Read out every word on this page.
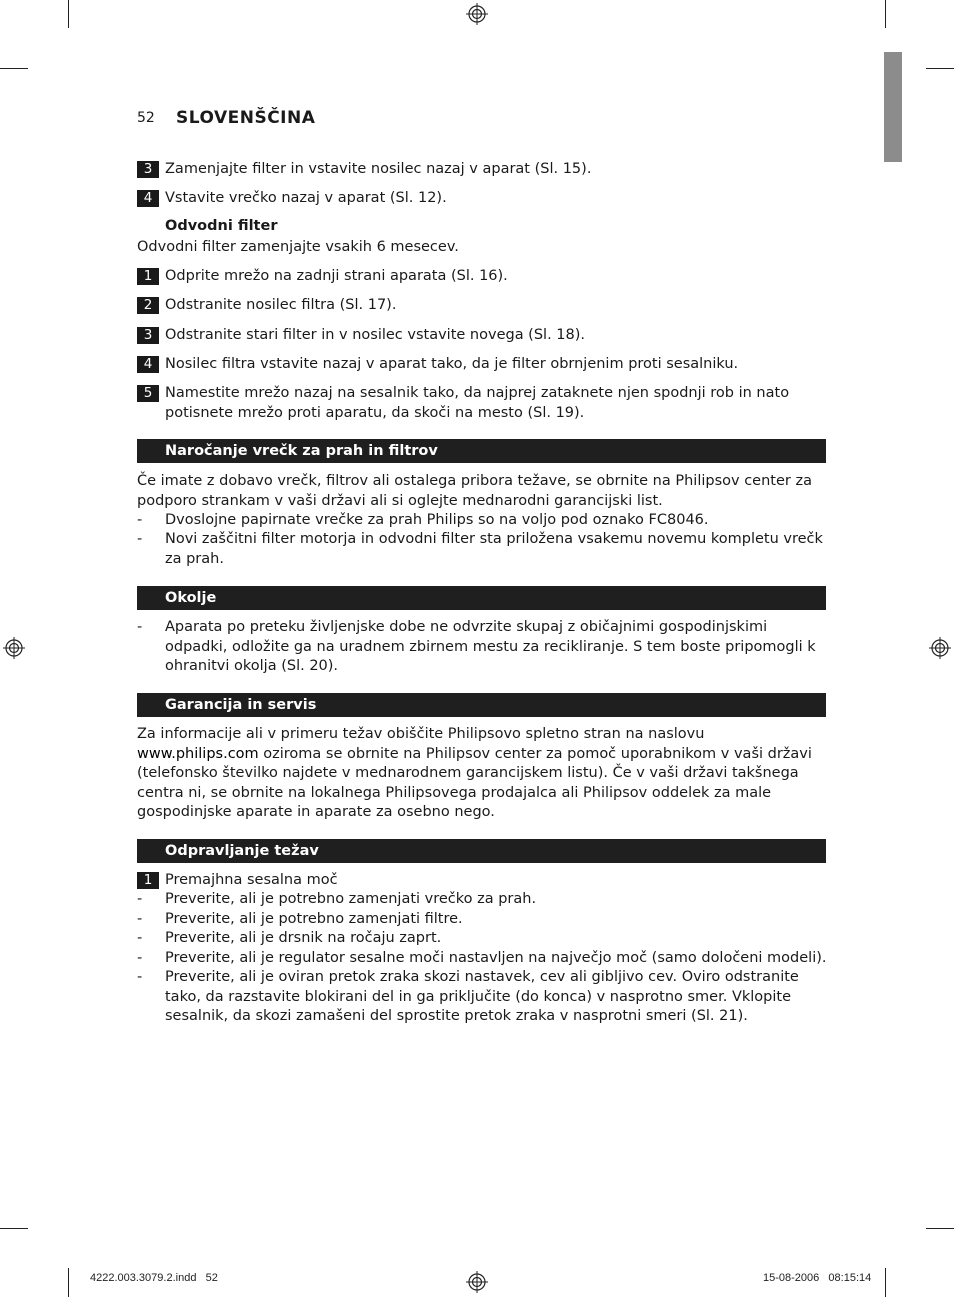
52 SLOVENŠČINA
3 Zamenjajte filter in vstavite nosilec nazaj v aparat (Sl. 15).
4 Vstavite vrečko nazaj v aparat (Sl. 12).
Odvodni filter
Odvodni filter zamenjajte vsakih 6 mesecev.
1 Odprite mrežo na zadnji strani aparata (Sl. 16).
2 Odstranite nosilec filtra (Sl. 17).
3 Odstranite stari filter in v nosilec vstavite novega (Sl. 18).
4 Nosilec filtra vstavite nazaj v aparat tako, da je filter obrnjenim proti sesalniku.
5 Namestite mrežo nazaj na sesalnik tako, da najprej zataknete njen spodnji rob in nato potisnete mrežo proti aparatu, da skoči na mesto (Sl. 19).
Naročanje vrečk za prah in filtrov
Če imate z dobavo vrečk, filtrov ali ostalega pribora težave, se obrnite na Philipsov center za podporo strankam v vaši državi ali si oglejte mednarodni garancijski list.
- Dvoslojne papirnate vrečke za prah Philips so na voljo pod oznako FC8046.
- Novi zaščitni filter motorja in odvodni filter sta priložena vsakemu novemu kompletu vrečk za prah.
Okolje
- Aparata po preteku življenjske dobe ne odvrzite skupaj z običajnimi gospodinjskimi odpadki, odložite ga na uradnem zbirnem mestu za recikliranje. S tem boste pripomogli k ohranitvi okolja (Sl. 20).
Garancija in servis
Za informacije ali v primeru težav obiščite Philipsovo spletno stran na naslovu www.philips.com oziroma se obrnite na Philipsov center za pomoč uporabnikom v vaši državi (telefonsko številko najdete v mednarodnem garancijskem listu). Če v vaši državi takšnega centra ni, se obrnite na lokalnega Philipsovega prodajalca ali Philipsov oddelek za male gospodinjske aparate in aparate za osebno nego.
Odpravljanje težav
1 Premajhna sesalna moč
- Preverite, ali je potrebno zamenjati vrečko za prah.
- Preverite, ali je potrebno zamenjati filtre.
- Preverite, ali je drsnik na ročaju zaprt.
- Preverite, ali je regulator sesalne moči nastavljen na največjo moč (samo določeni modeli).
- Preverite, ali je oviran pretok zraka skozi nastavek, cev ali gibljivo cev. Oviro odstranite tako, da razstavite blokirani del in ga priključite (do konca) v nasprotno smer. Vklopite sesalnik, da skozi zamašeni del sprostite pretok zraka v nasprotni smeri (Sl. 21).
4222.003.3079.2.indd   52	15-08-2006   08:15:14
